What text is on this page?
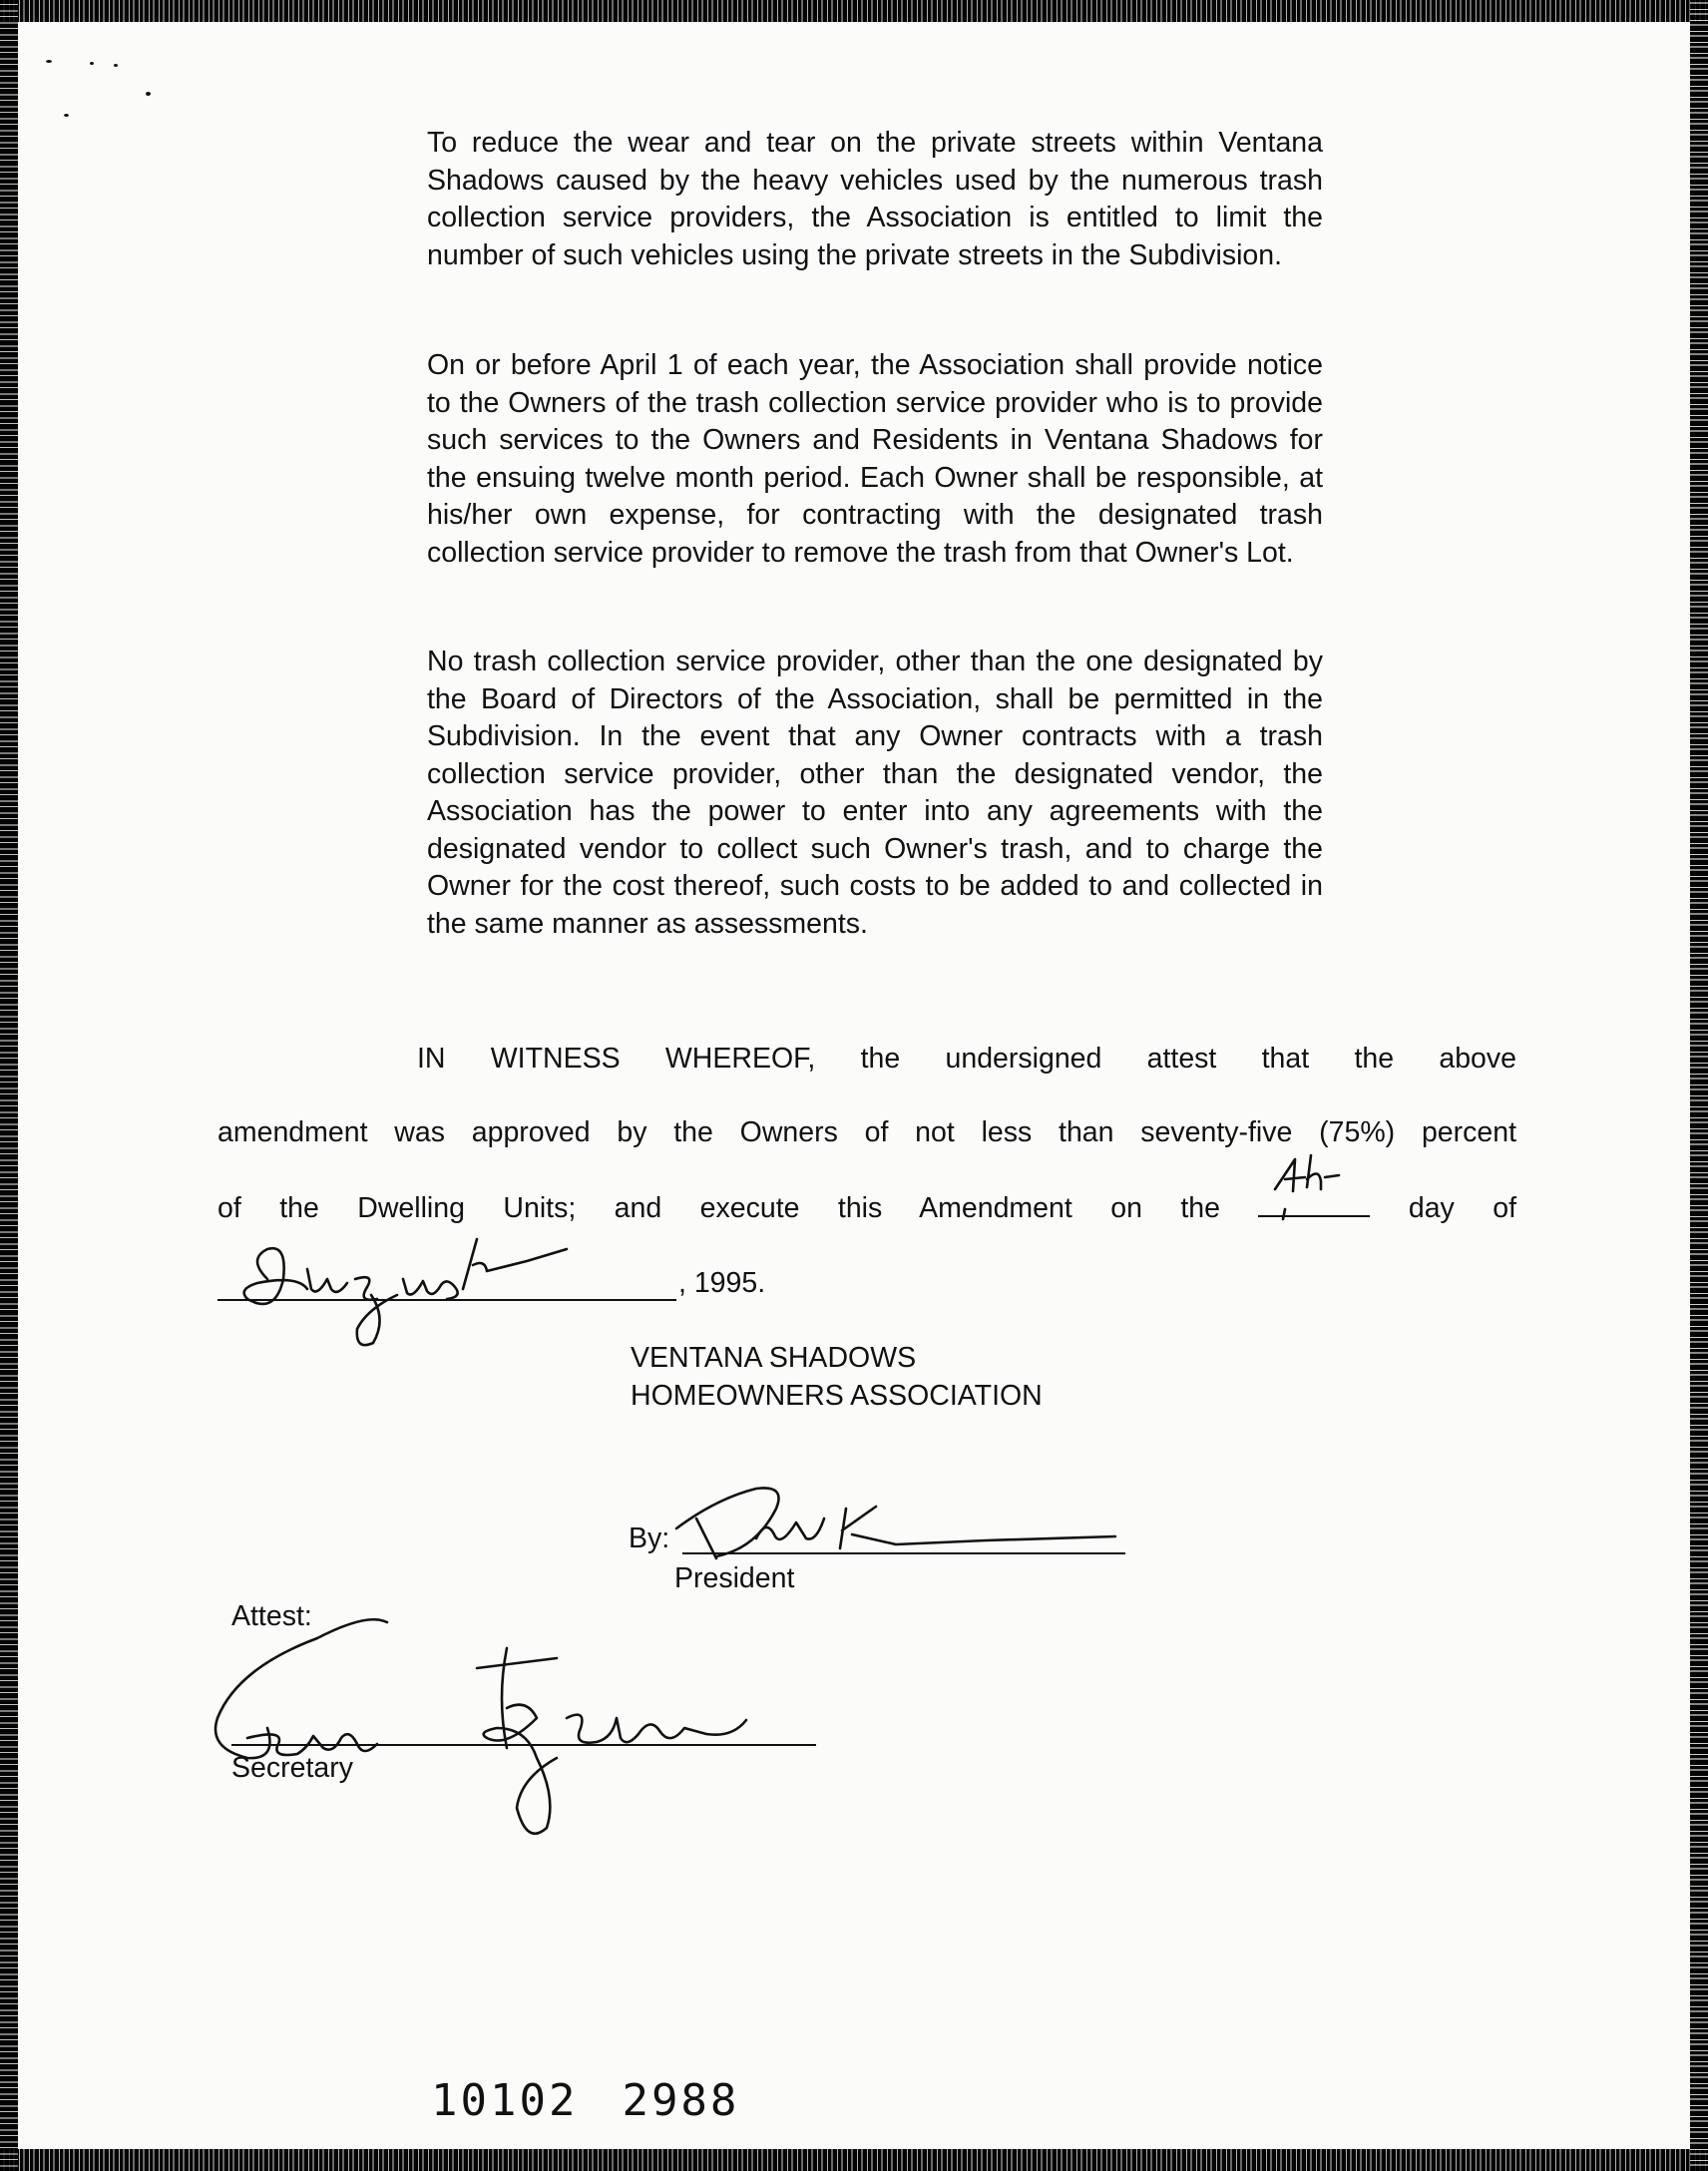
To reduce the wear and tear on the private streets within Ventana Shadows caused by the heavy vehicles used by the numerous trash collection service providers, the Association is entitled to limit the number of such vehicles using the private streets in the Subdivision.

On or before April 1 of each year, the Association shall provide notice to the Owners of the trash collection service provider who is to provide such services to the Owners and Residents in Ventana Shadows for the ensuing twelve month period. Each Owner shall be responsible, at his/her own expense, for contracting with the designated trash collection service provider to remove the trash from that Owner's Lot.

No trash collection service provider, other than the one designated by the Board of Directors of the Association, shall be permitted in the Subdivision. In the event that any Owner contracts with a trash collection service provider, other than the designated vendor, the Association has the power to enter into any agreements with the designated vendor to collect such Owner's trash, and to charge the Owner for the cost thereof, such costs to be added to and collected in the same manner as assessments.

IN WITNESS WHEREOF, the undersigned attest that the above

amendment was approved by the Owners of not less than seventy-five (75%) percent

of the Dwelling Units; and execute this Amendment on the	day of

, 1995.
VENTANA SHADOWS
HOMEOWNERS ASSOCIATION
By:
President
Attest:
Secretary
10102 2988
